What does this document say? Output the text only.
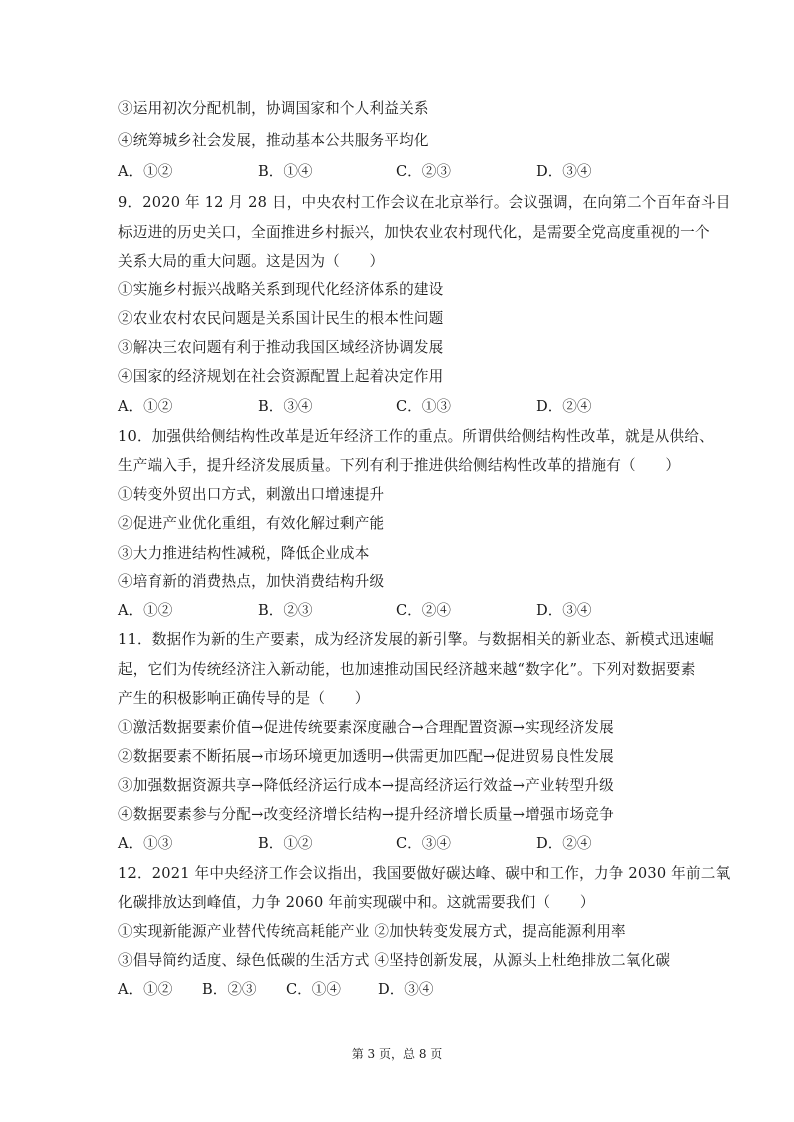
③运用初次分配机制，协调国家和个人利益关系
④统筹城乡社会发展，推动基本公共服务平均化
A．①②	B．①④	C．②③	D．③④
9．2020 年 12 月 28 日，中央农村工作会议在北京举行。会议强调，在向第二个百年奋斗目
标迈进的历史关口，全面推进乡村振兴，加快农业农村现代化，是需要全党高度重视的一个
关系大局的重大问题。这是因为（　　）
①实施乡村振兴战略关系到现代化经济体系的建设
②农业农村农民问题是关系国计民生的根本性问题
③解决三农问题有利于推动我国区域经济协调发展
④国家的经济规划在社会资源配置上起着决定作用
A．①②	B．③④	C．①③	D．②④
10．加强供给侧结构性改革是近年经济工作的重点。所谓供给侧结构性改革，就是从供给、
生产端入手，提升经济发展质量。下列有利于推进供给侧结构性改革的措施有（　　）
①转变外贸出口方式，刺激出口增速提升
②促进产业优化重组，有效化解过剩产能
③大力推进结构性减税，降低企业成本
④培育新的消费热点，加快消费结构升级
A．①②	B．②③	C．②④	D．③④
11．数据作为新的生产要素，成为经济发展的新引擎。与数据相关的新业态、新模式迅速崛
起，它们为传统经济注入新动能，也加速推动国民经济越来越“数字化”。下列对数据要素
产生的积极影响正确传导的是（　　）
①激活数据要素价值→促进传统要素深度融合→合理配置资源→实现经济发展
②数据要素不断拓展→市场环境更加透明→供需更加匹配→促进贸易良性发展
③加强数据资源共享→降低经济运行成本→提高经济运行效益→产业转型升级
④数据要素参与分配→改变经济增长结构→提升经济增长质量→增强市场竞争
A．①③	B．①②	C．③④	D．②④
12．2021 年中央经济工作会议指出，我国要做好碳达峰、碳中和工作，力争 2030 年前二氧
化碳排放达到峰值，力争 2060 年前实现碳中和。这就需要我们（　　）
①实现新能源产业替代传统高耗能产业 ②加快转变发展方式，提高能源利用率
③倡导简约适度、绿色低碳的生活方式 ④坚持创新发展，从源头上杜绝排放二氧化碳
A．①② B．②③ C．①④	D．③④
第 3 页，总 8 页
